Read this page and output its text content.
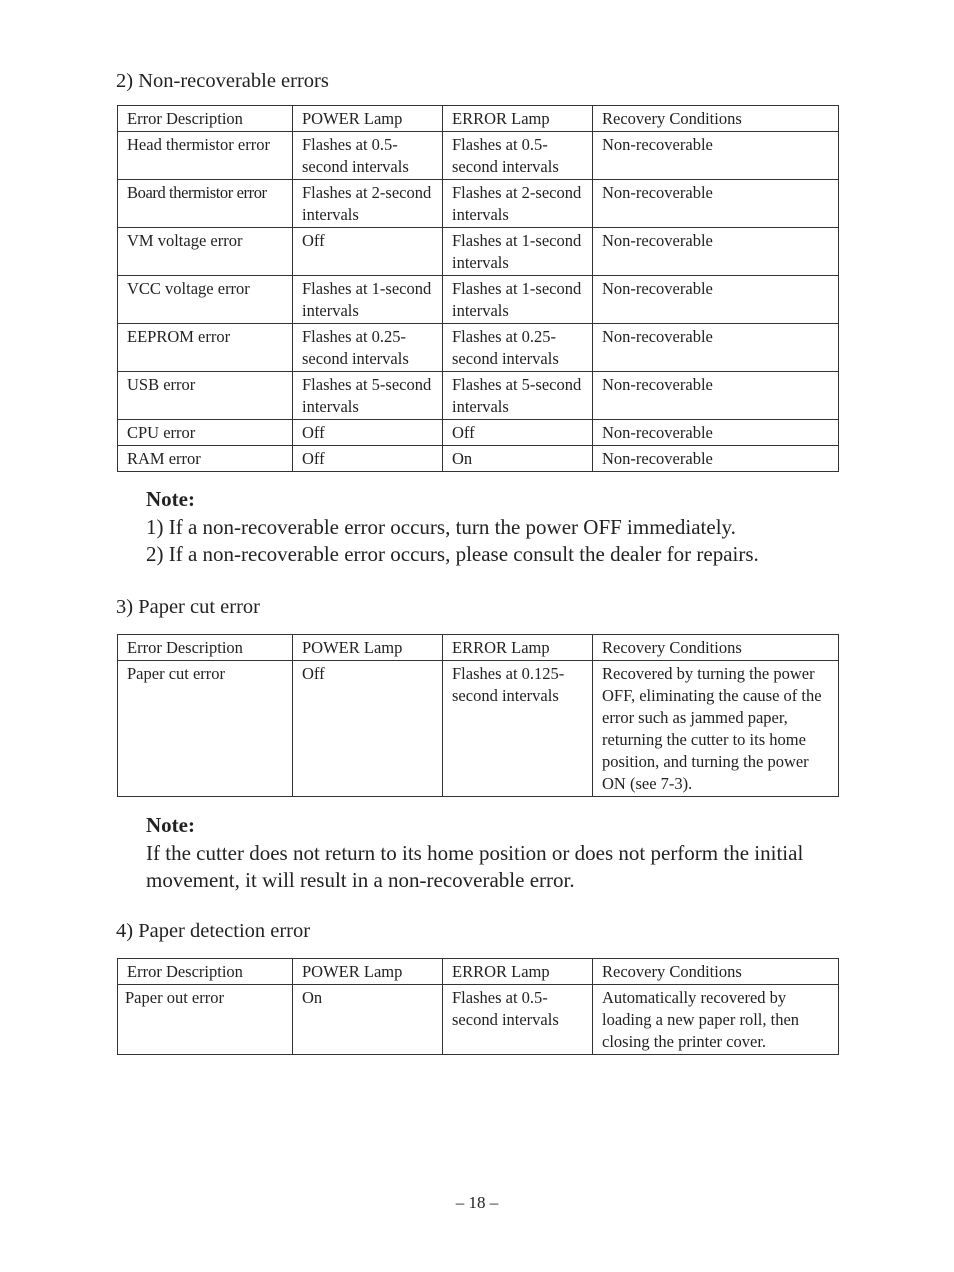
2) Non-recoverable errors
Error Description	POWER Lamp	ERROR Lamp	Recovery Conditions
Head thermistor error	Flashes at 0.5-second intervals	Flashes at 0.5-second intervals	Non-recoverable
Board thermistor error	Flashes at 2-second intervals	Flashes at 2-second intervals	Non-recoverable
VM voltage error	Off	Flashes at 1-second intervals	Non-recoverable
VCC voltage error	Flashes at 1-second intervals	Flashes at 1-second intervals	Non-recoverable
EEPROM error	Flashes at 0.25-second intervals	Flashes at 0.25-second intervals	Non-recoverable
USB error	Flashes at 5-second intervals	Flashes at 5-second intervals	Non-recoverable
CPU error	Off	Off	Non-recoverable
RAM error	Off	On	Non-recoverable
Note:
1) If a non-recoverable error occurs, turn the power OFF immediately.
2) If a non-recoverable error occurs, please consult the dealer for repairs.
3) Paper cut error
Error Description	POWER Lamp	ERROR Lamp	Recovery Conditions
Paper cut error	Off	Flashes at 0.125-second intervals	Recovered by turning the power OFF, eliminating the cause of the error such as jammed paper, returning the cutter to its home position, and turning the power ON (see 7-3).
Note:
If the cutter does not return to its home position or does not perform the initial movement, it will result in a non-recoverable error.
4) Paper detection error
Error Description	POWER Lamp	ERROR Lamp	Recovery Conditions
Paper out error	On	Flashes at 0.5-second intervals	Automatically recovered by loading a new paper roll, then closing the printer cover.
– 18 –
